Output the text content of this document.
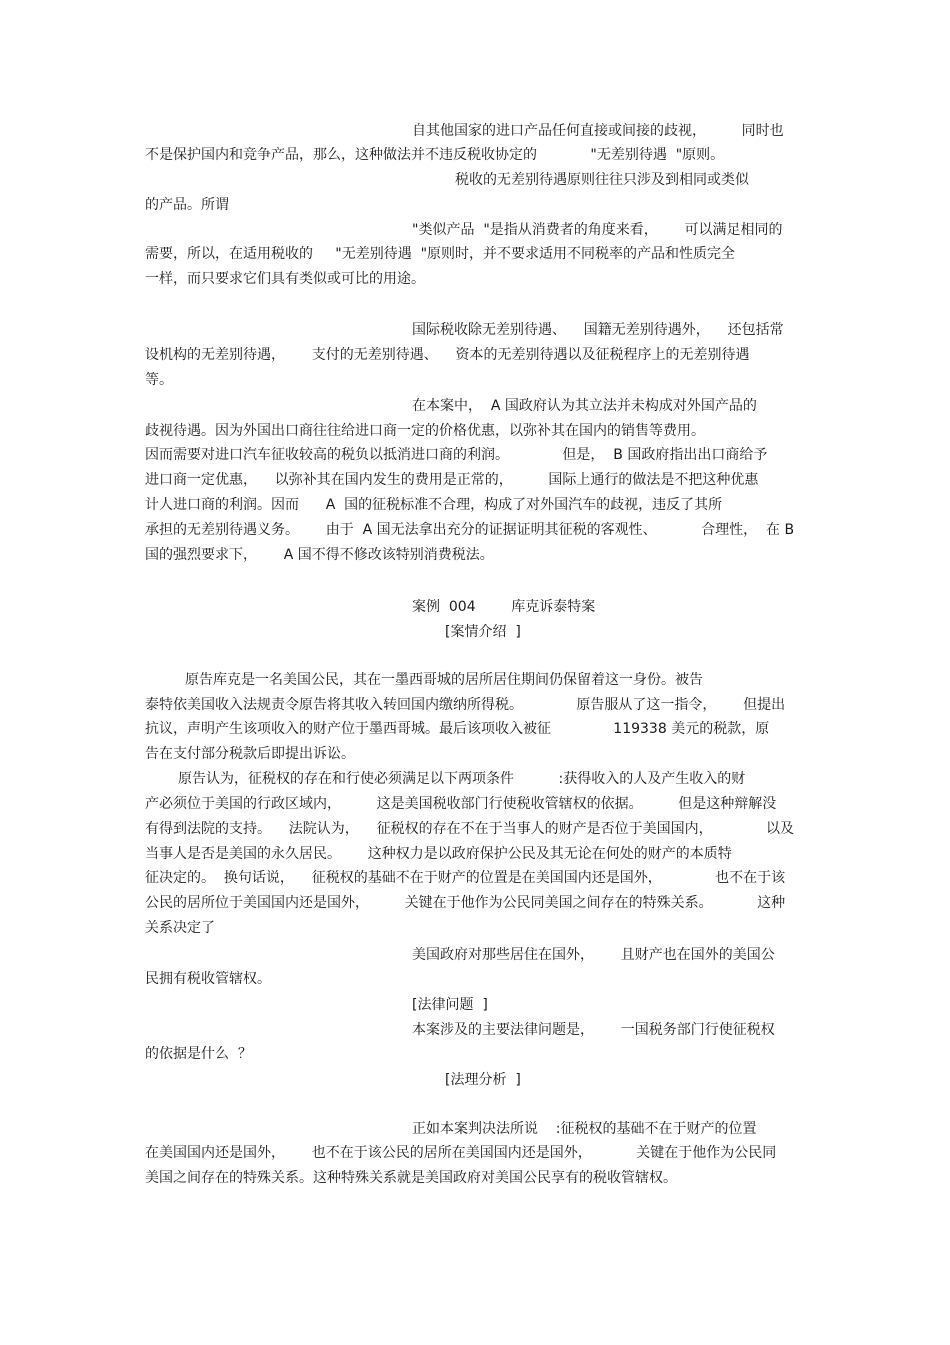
自其他国家的进口产品任何直接或间接的歧视，        同时也

不是保护国内和竞争产品，那么，这种做法并不违反税收协定的            "无差别待遇  "原则。

税收的无差别待遇原则往往只涉及到相同或类似

的产品。所谓

"类似产品  "是指从消费者的角度来看，      可以满足相同的

需要，所以，在适用税收的     "无差别待遇  "原则时，并不要求适用不同税率的产品和性质完全

一样，而只要求它们具有类似或可比的用途。

国际税收除无差别待遇、    国籍无差别待遇外，    还包括常

设机构的无差别待遇，      支付的无差别待遇、    资本的无差别待遇以及征税程序上的无差别待遇

等。

在本案中，  A 国政府认为其立法并未构成对外国产品的

歧视待遇。因为外国出口商往往给进口商一定的价格优惠，以弥补其在国内的销售等费用。

因而需要对进口汽车征收较高的税负以抵消进口商的利润。            但是，  B 国政府指出出口商给予

进口商一定优惠，    以弥补其在国内发生的费用是正常的，        国际上通行的做法是不把这种优惠

计人进口商的利润。因而      A  国的征税标准不合理，构成了对外国汽车的歧视，违反了其所

承担的无差别待遇义务。      由于  A 国无法拿出充分的证据证明其征税的客观性、          合理性，  在 B

国的强烈要求下，      A 国不得不修改该特别消费税法。

案例  004        库克诉泰特案

[案情介绍  ]

原告库克是一名美国公民，其在一墨西哥城的居所居住期间仍保留着这一身份。被告

泰特依美国收入法规责令原告将其收入转回国内缴纳所得税。            原告服从了这一指令，      但提出

抗议，声明产生该项收入的财产位于墨西哥城。最后该项收入被征              119338 美元的税款，原

告在支付部分税款后即提出诉讼。

原告认为，征税权的存在和行使必须满足以下两项条件          :获得收入的人及产生收入的财

产必须位于美国的行政区域内，        这是美国税收部门行使税收管辖权的依据。        但是这种辩解没

有得到法院的支持。    法院认为，    征税权的存在不在于当事人的财产是否位于美国国内，            以及

当事人是否是美国的永久居民。      这种权力是以政府保护公民及其无论在何处的财产的本质特

征决定的。  换句话说，    征税权的基础不在于财产的位置是在美国国内还是国外，            也不在于该

公民的居所位于美国国内还是国外，        关键在于他作为公民同美国之间存在的特殊关系。          这种

关系决定了

美国政府对那些居住在国外，      且财产也在国外的美国公

民拥有税收管辖权。

[法律问题  ]

本案涉及的主要法律问题是，      一国税务部门行使征税权

的依据是什么  ？

[法理分析  ]

正如本案判决法所说    :征税权的基础不在于财产的位置

在美国国内还是国外，      也不在于该公民的居所在美国国内还是国外，          关键在于他作为公民同

美国之间存在的特殊关系。这种特殊关系就是美国政府对美国公民享有的税收管辖权。
